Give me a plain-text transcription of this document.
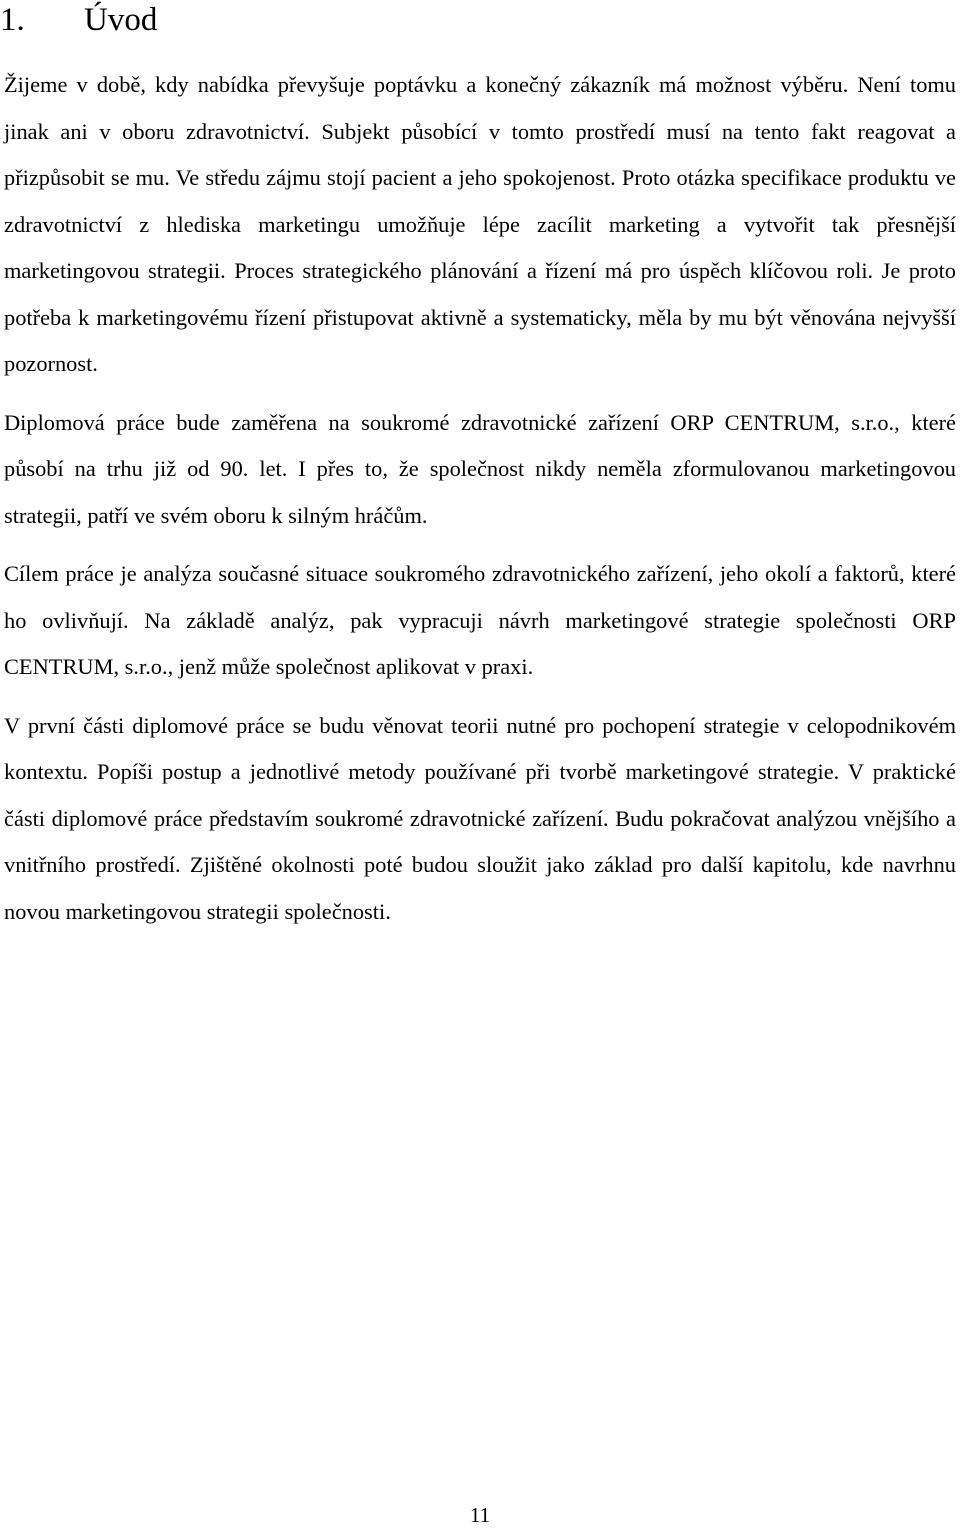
1. Úvod

Žijeme v době, kdy nabídka převyšuje poptávku a konečný zákazník má možnost výběru. Není tomu jinak ani v oboru zdravotnictví. Subjekt působící v tomto prostředí musí na tento fakt reagovat a přizpůsobit se mu. Ve středu zájmu stojí pacient a jeho spokojenost. Proto otázka specifikace produktu ve zdravotnictví z hlediska marketingu umožňuje lépe zacílit marketing a vytvořit tak přesnější marketingovou strategii. Proces strategického plánování a řízení má pro úspěch klíčovou roli. Je proto potřeba k marketingovému řízení přistupovat aktivně a systematicky, měla by mu být věnována nejvyšší pozornost.

Diplomová práce bude zaměřena na soukromé zdravotnické zařízení ORP CENTRUM, s.r.o., které působí na trhu již od 90. let. I přes to, že společnost nikdy neměla zformulovanou marketingovou strategii, patří ve svém oboru k silným hráčům.

Cílem práce je analýza současné situace soukromého zdravotnického zařízení, jeho okolí a faktorů, které ho ovlivňují. Na základě analýz, pak vypracuji návrh marketingové strategie společnosti ORP CENTRUM, s.r.o., jenž může společnost aplikovat v praxi.

V první části diplomové práce se budu věnovat teorii nutné pro pochopení strategie v celopodnikovém kontextu. Popíši postup a jednotlivé metody používané při tvorbě marketingové strategie. V praktické části diplomové práce představím soukromé zdravotnické zařízení. Budu pokračovat analýzou vnějšího a vnitřního prostředí. Zjištěné okolnosti poté budou sloužit jako základ pro další kapitolu, kde navrhnu novou marketingovou strategii společnosti.

11
